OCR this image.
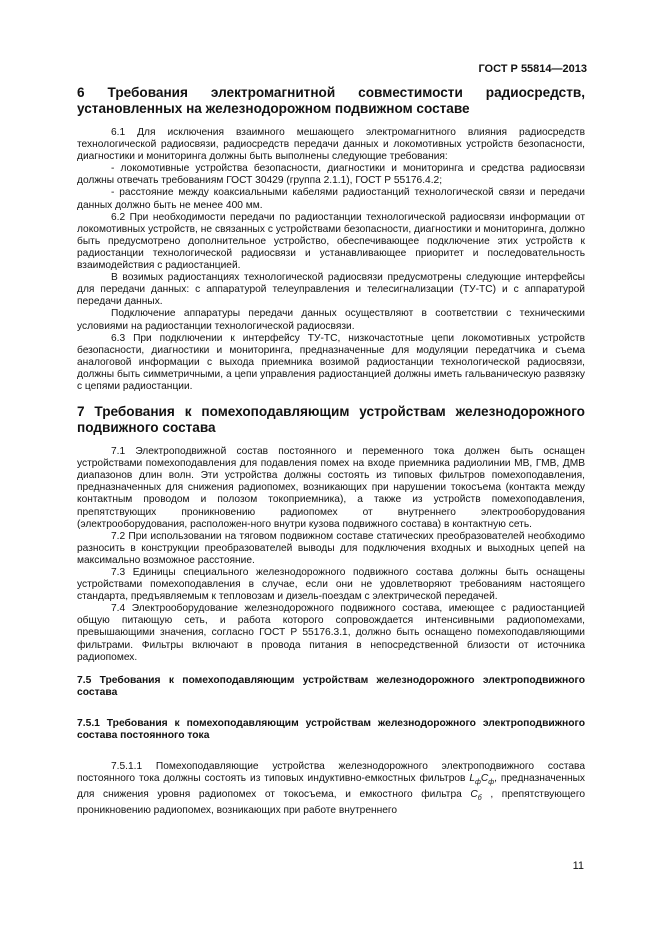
ГОСТ Р 55814—2013
6 Требования электромагнитной совместимости радиосредств, установленных на железнодорожном подвижном составе

6.1 Для исключения взаимного мешающего электромагнитного влияния радиосредств технологической радиосвязи, радиосредств передачи данных и локомотивных устройств безопасности, диагностики и мониторинга должны быть выполнены следующие требования:

- локомотивные устройства безопасности, диагностики и мониторинга и средства радиосвязи должны отвечать требованиям ГОСТ 30429 (группа 2.1.1), ГОСТ Р 55176.4.2;

- расстояние между коаксиальными кабелями радиостанций технологической связи и передачи данных должно быть не менее 400 мм.

6.2 При необходимости передачи по радиостанции технологической радиосвязи информации от локомотивных устройств, не связанных с устройствами безопасности, диагностики и мониторинга, должно быть предусмотрено дополнительное устройство, обеспечивающее подключение этих устройств к радиостанции технологической радиосвязи и устанавливающее приоритет и последовательность взаимодействия с радиостанцией.

В возимых радиостанциях технологической радиосвязи предусмотрены следующие интерфейсы для передачи данных: с аппаратурой телеуправления и телесигнализации (ТУ-ТС) и с аппаратурой передачи данных.

Подключение аппаратуры передачи данных осуществляют в соответствии с техническими условиями на радиостанции технологической радиосвязи.

6.3 При подключении к интерфейсу ТУ-ТС, низкочастотные цепи локомотивных устройств безопасности, диагностики и мониторинга, предназначенные для модуляции передатчика и съема аналоговой информации с выхода приемника возимой радиостанции технологической радиосвязи, должны быть симметричными, а цепи управления радиостанцией должны иметь гальваническую развязку с цепями радиостанции.

7 Требования к помехоподавляющим устройствам железнодорожного подвижного состава

7.1 Электроподвижной состав постоянного и переменного тока должен быть оснащен устройствами помехоподавления для подавления помех на входе приемника радиолинии МВ, ГМВ, ДМВ диапазонов длин волн. Эти устройства должны состоять из типовых фильтров помехоподавления, предназначенных для снижения радиопомех, возникающих при нарушении токосъема (контакта между контактным проводом и полозом токоприемника), а также из устройств помехоподавления, препятствующих проникновению радиопомех от внутреннего электрооборудования (электрооборудования, расположен-ного внутри кузова подвижного состава) в контактную сеть.

7.2 При использовании на тяговом подвижном составе статических преобразователей необходимо разносить в конструкции преобразователей выводы для подключения входных и выходных цепей на максимально возможное расстояние.

7.3 Единицы специального железнодорожного подвижного состава должны быть оснащены устройствами помехоподавления в случае, если они не удовлетворяют требованиям настоящего стандарта, предъявляемым к тепловозам и дизель-поездам с электрической передачей.

7.4 Электрооборудование железнодорожного подвижного состава, имеющее с радиостанцией общую питающую сеть, и работа которого сопровождается интенсивными радиопомехами, превышающими значения, согласно ГОСТ Р 55176.3.1, должно быть оснащено помехоподавляющими фильтрами. Фильтры включают в провода питания в непосредственной близости от источника радиопомех.

7.5 Требования к помехоподавляющим устройствам железнодорожного электроподвижного состава
7.5.1 Требования к помехоподавляющим устройствам железнодорожного электроподвижного состава постоянного тока

7.5.1.1 Помехоподавляющие устройства железнодорожного электроподвижного состава постоянного тока должны состоять из типовых индуктивно-емкостных фильтров $L_фC_ф$, предназначенных для снижения уровня радиопомех от токосъема, и емкостного фильтра $C_б$ , препятствующего проникновению радиопомех, возникающих при работе внутреннего

11
